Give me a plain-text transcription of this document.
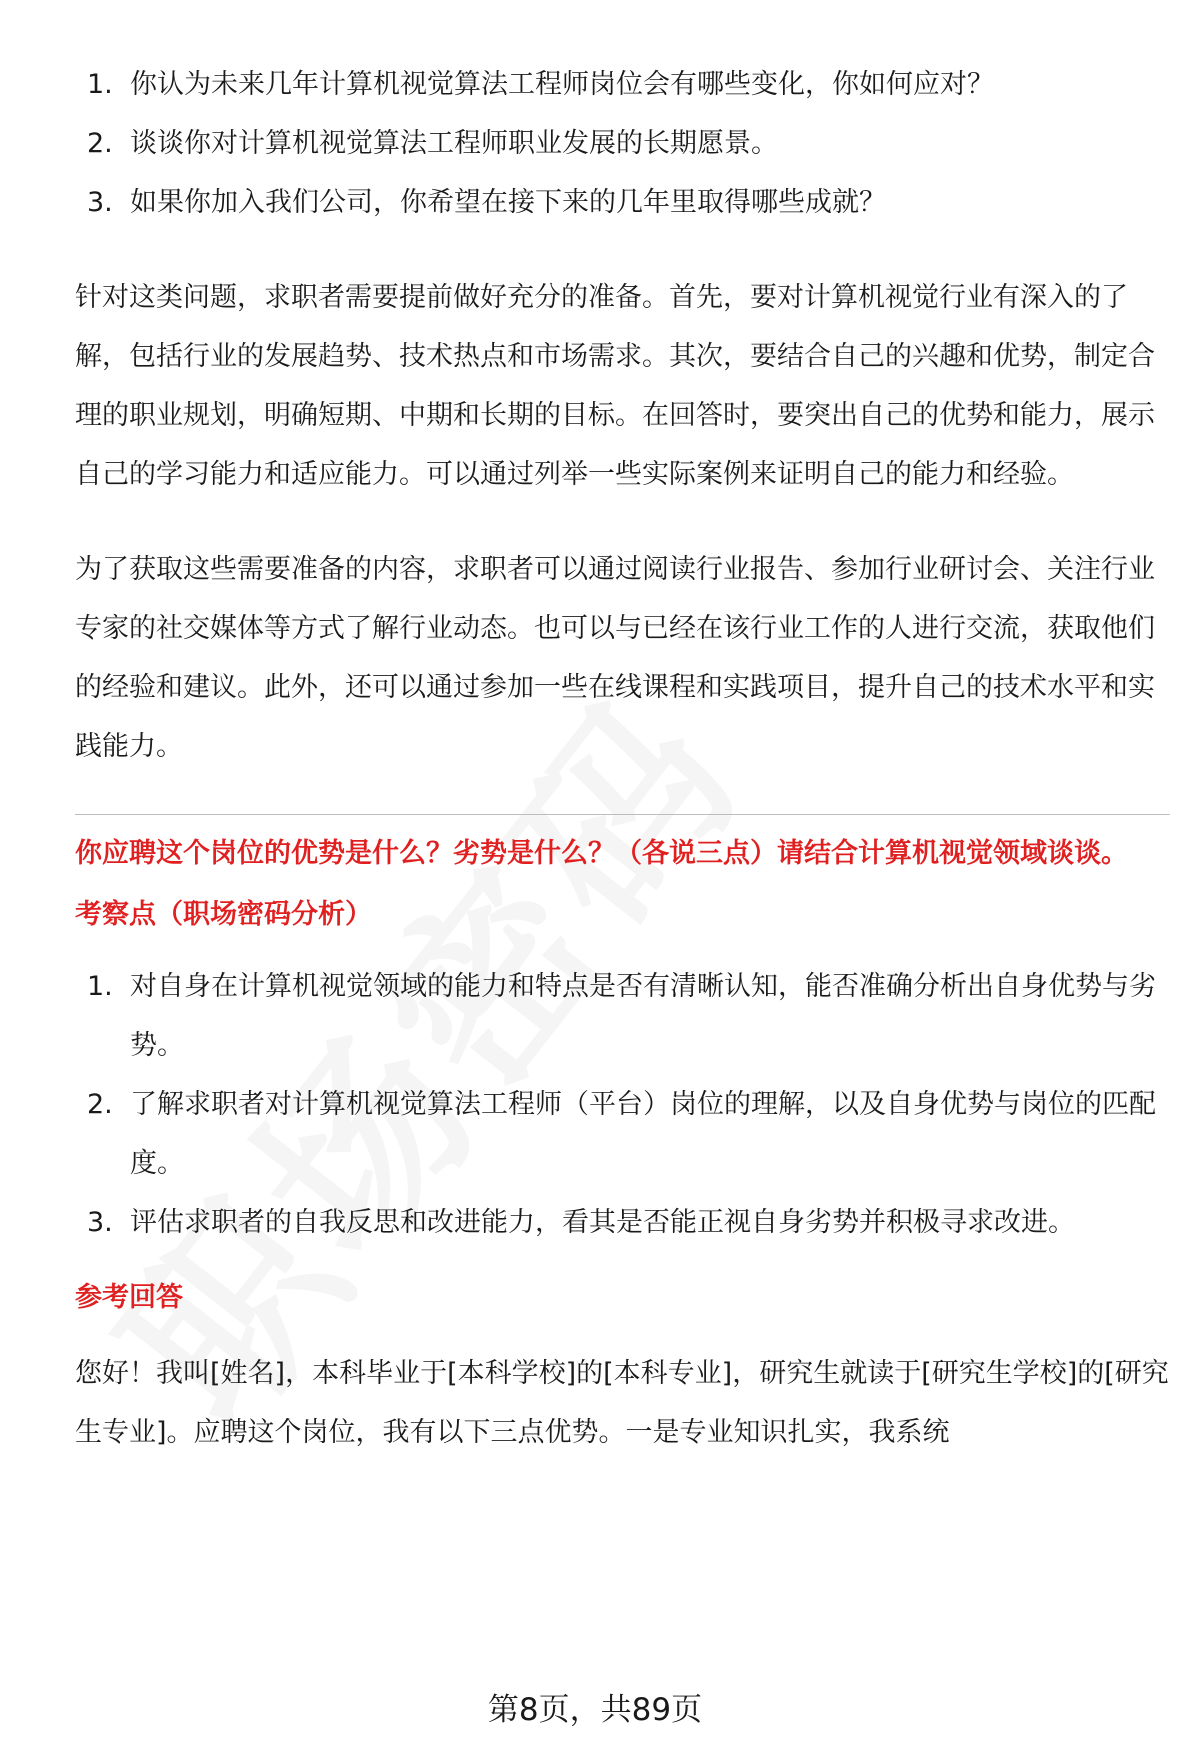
1. 你认为未来几年计算机视觉算法工程师岗位会有哪些变化，你如何应对？
2. 谈谈你对计算机视觉算法工程师职业发展的长期愿景。
3. 如果你加入我们公司，你希望在接下来的几年里取得哪些成就？

针对这类问题，求职者需要提前做好充分的准备。首先，要对计算机视觉行业有深入的了解，包括行业的发展趋势、技术热点和市场需求。其次，要结合自己的兴趣和优势，制定合理的职业规划，明确短期、中期和长期的目标。在回答时，要突出自己的优势和能力，展示自己的学习能力和适应能力。可以通过列举一些实际案例来证明自己的能力和经验。

为了获取这些需要准备的内容，求职者可以通过阅读行业报告、参加行业研讨会、关注行业专家的社交媒体等方式了解行业动态。也可以与已经在该行业工作的人进行交流，获取他们的经验和建议。此外，还可以通过参加一些在线课程和实践项目，提升自己的技术水平和实践能力。

你应聘这个岗位的优势是什么？劣势是什么？（各说三点）请结合计算机视觉领域谈谈。

考察点（职场密码分析）

1. 对自身在计算机视觉领域的能力和特点是否有清晰认知，能否准确分析出自身优势与劣势。
2. 了解求职者对计算机视觉算法工程师（平台）岗位的理解，以及自身优势与岗位的匹配度。
3. 评估求职者的自我反思和改进能力，看其是否能正视自身劣势并积极寻求改进。

参考回答

您好！我叫[姓名]，本科毕业于[本科学校]的[本科专业]，研究生就读于[研究生学校]的[研究生专业]。应聘这个岗位，我有以下三点优势。一是专业知识扎实，我系统

第8页，共89页
